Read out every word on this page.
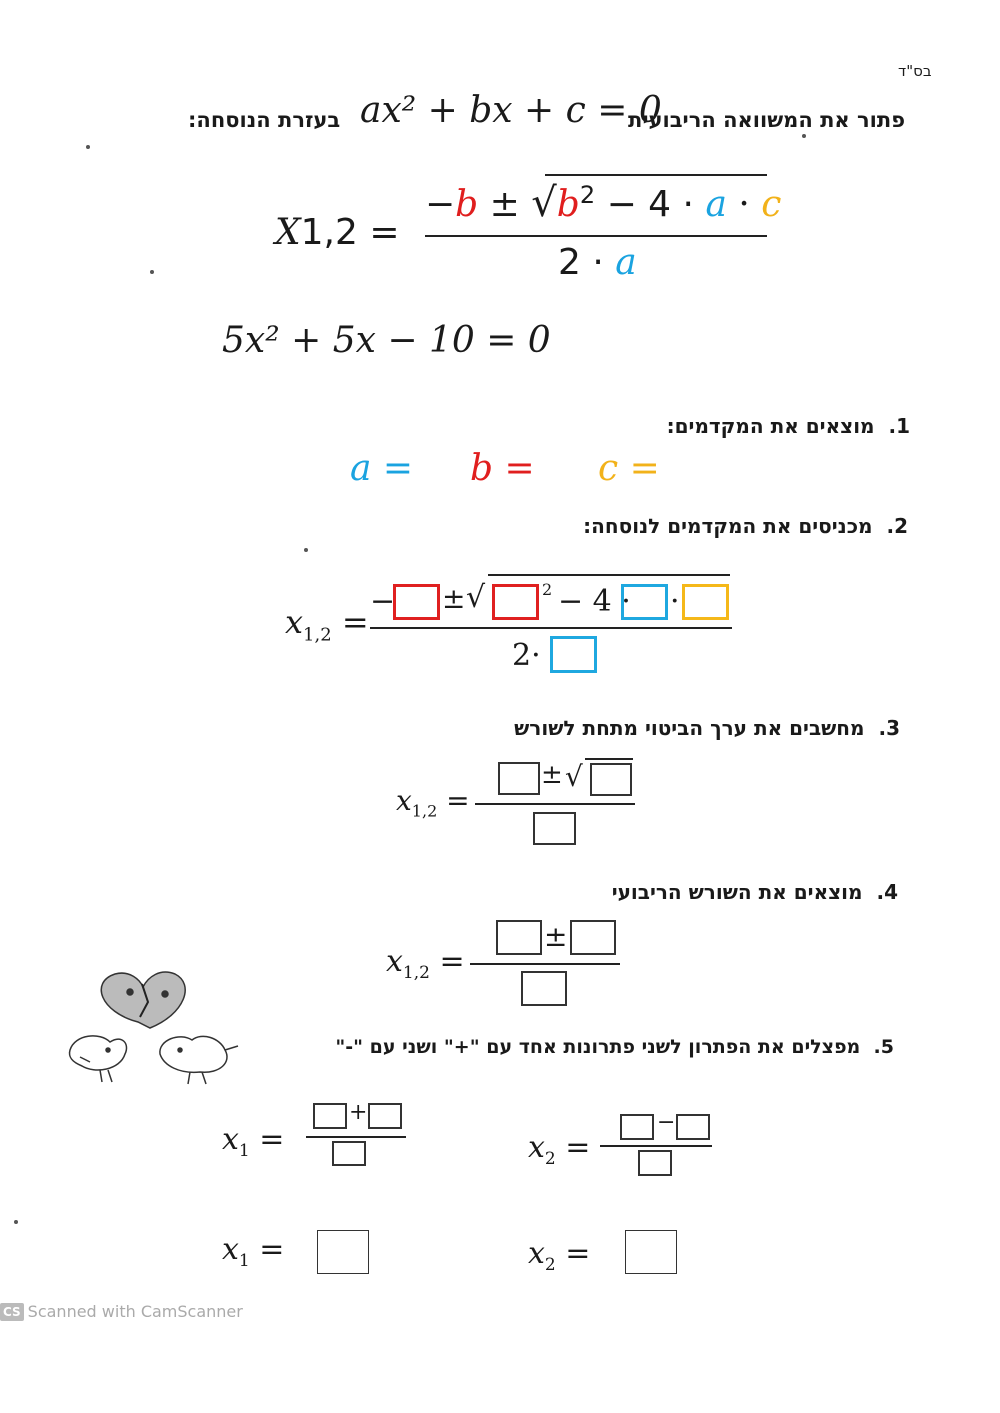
בס"ד
פתור את המשוואה הריבועית
ax² + bx + c = 0
בעזרת הנוסחה:
X1,2 =
$-b \pm √b^2 - 4 \cdot a \cdot c$
2 · a
5x² + 5x − 10 = 0
1.  מוצאים את המקדמים:
a = b = c =
2.  מכניסים את המקדמים לנוסחה:
$x_{1,2}$ =
− ± √	2 − 4 · ·
2·
3.  מחשבים את ערך הביטוי מתחת לשורש
$x_{1,2}$ =
± √
4.  מוצאים את השורש הריבועי
$x_{1,2}$ =
±
5.  מפצלים את הפתרון לשני פתרונות אחד עם "+" ושני עם "-"
$x_1$ =
+
$x_2$ =
−
$x_1$ =	$x_2$ =
CS Scanned with CamScanner
